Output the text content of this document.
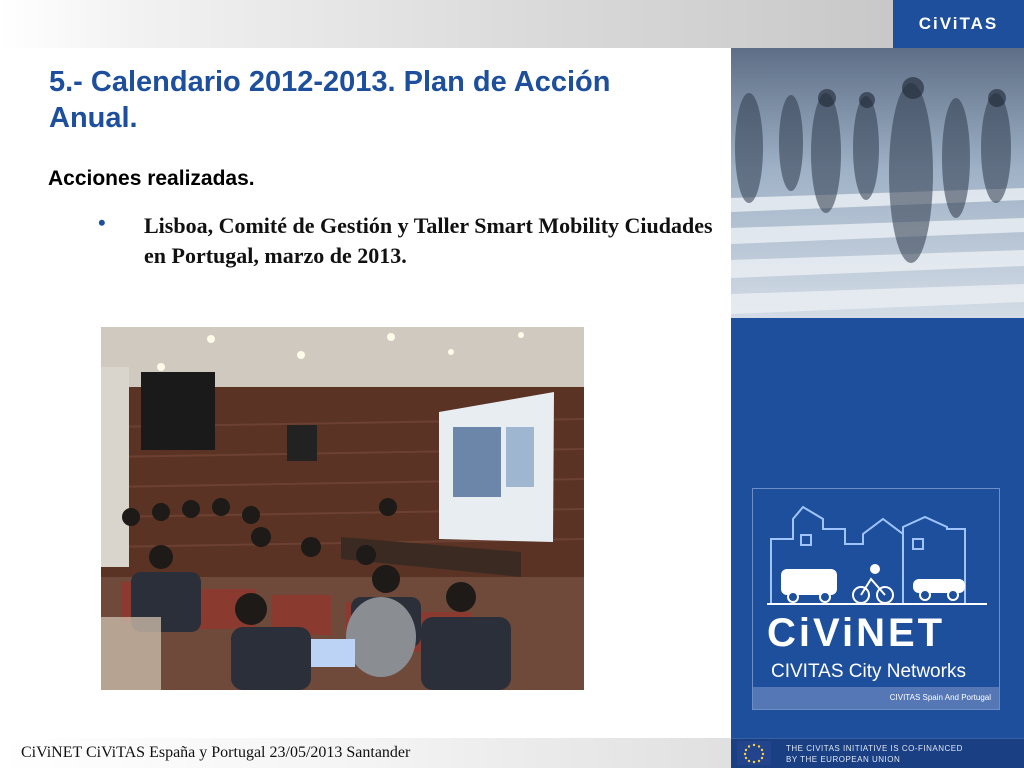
CiViTAS
5.- Calendario 2012-2013. Plan de Acción Anual.
Acciones realizadas.
• Lisboa, Comité de Gestión y Taller Smart Mobility Ciudades en Portugal, marzo de 2013.
CiViNET
CIVITAS City Networks
CIVITAS Spain And Portugal
CiViNET CiViTAS España y Portugal 23/05/2013 Santander	THE CIVITAS INITIATIVE IS CO-FINANCED
BY THE EUROPEAN UNION
